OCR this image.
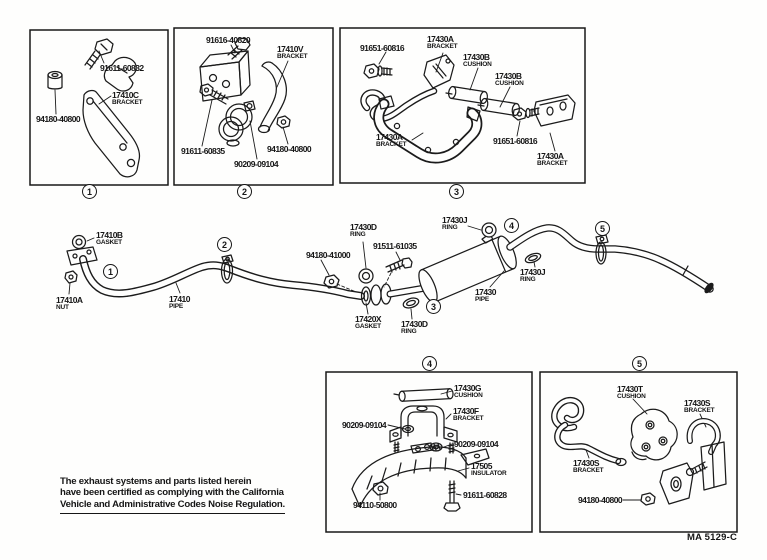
91611-60832
17410C
BRACKET
94180-40800
91616-40820
17410V
BRACKET
91611-60835	94180-40800
90209-09104
91651-60816
17430A
BRACKET
17430B
CUSHION
17430B
CUSHION
17430A
BRACKET	91651-60816
17430A
BRACKET
17410B
GASKET
17410A
NUT
17410
PIPE
94180-41000
17430D
RING
91511-61035
17420X
GASKET 17430D
RING
17430J
RING
17430
PIPE
17430J
RING
17430G
CUSHION
17430F
BRACKET
90209-09104
90209-09104
17505
INSULATOR
91611-60828
94110-50800
17430T
CUSHION
17430S
BRACKET
17430S
BRACKET
94180-40800
1	2	3
1
2
3
4	5
4	5
The exhaust systems and parts listed herein
have been certified as complying with the California
Vehicle and Administrative Codes Noise Regulation.
MA 5129-C
